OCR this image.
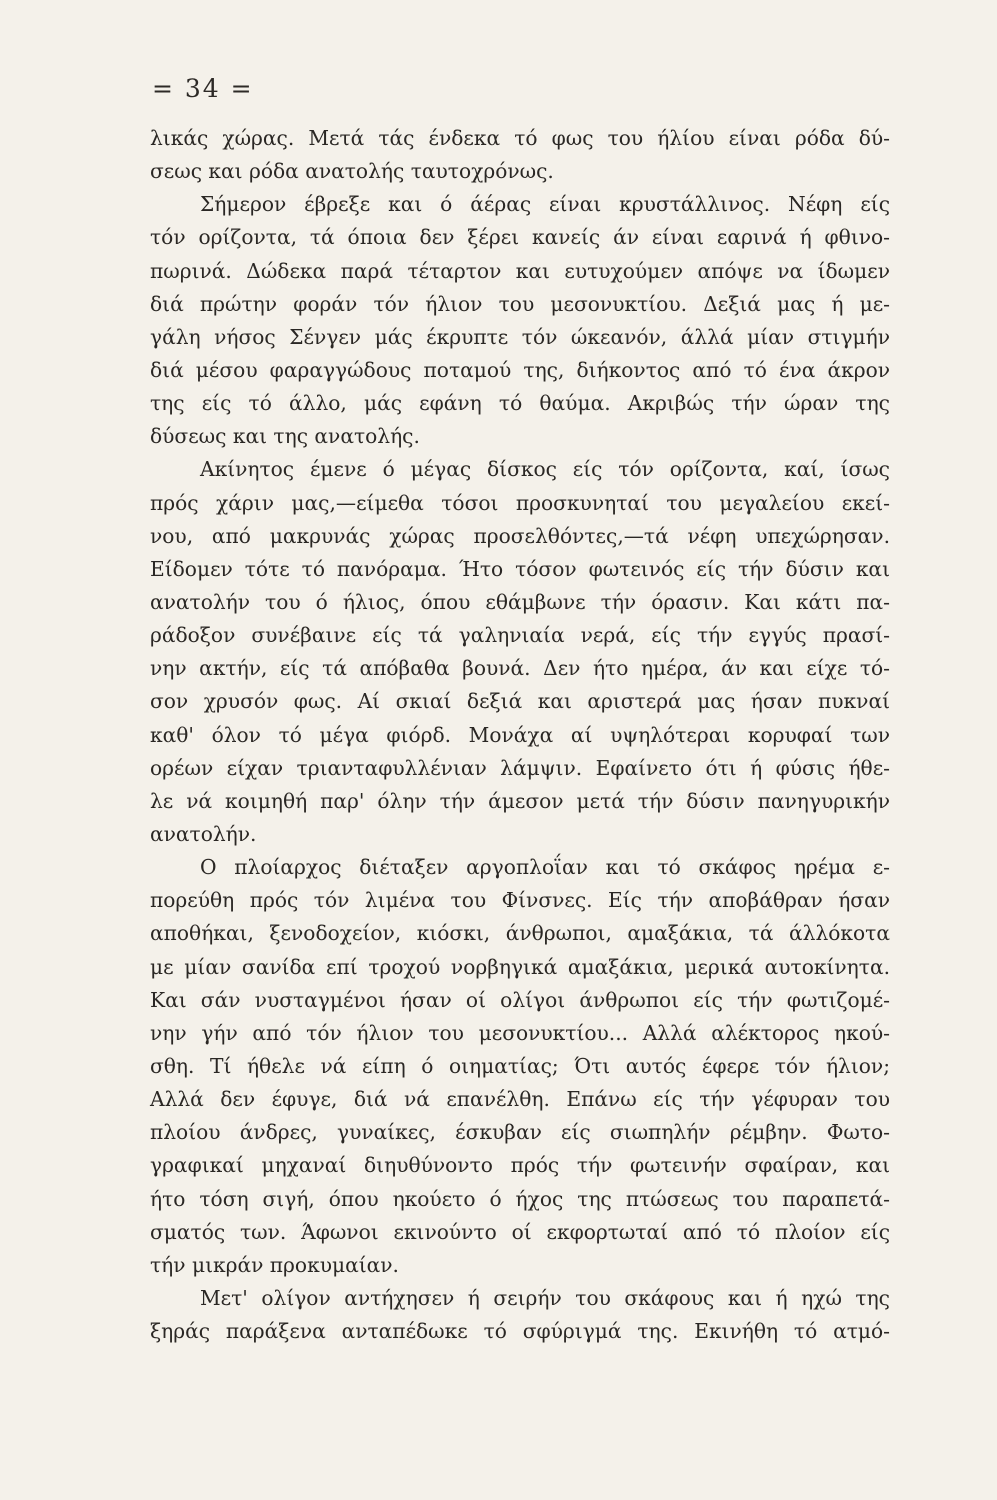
= 34 =
λικάς χώρας. Μετά τάς ένδεκα τό φως του ήλίου είναι ρόδα δύ-
σεως και ρόδα ανατολής ταυτοχρόνως.
Σήμερον έβρεξε και ό άέρας είναι κρυστάλλινος. Νέφη είς
τόν ορίζοντα, τά όποια δεν ξέρει κανείς άν είναι εαρινά ή φθινο-
πωρινά. Δώδεκα παρά τέταρτον και ευτυχούμεν απόψε να ίδωμεν
διά πρώτην φοράν τόν ήλιον του μεσονυκτίου. Δεξιά μας ή με-
γάλη νήσος Σένγεν μάς έκρυπτε τόν ώκεανόν, άλλά μίαν στιγμήν
διά μέσου φαραγγώδους ποταμού της, διήκοντος από τό ένα άκρον
της είς τό άλλο, μάς εφάνη τό θαύμα. Ακριβώς τήν ώραν της
δύσεως και της ανατολής.
Ακίνητος έμενε ό μέγας δίσκος είς τόν ορίζοντα, καί, ίσως
πρός χάριν μας,—είμεθα τόσοι προσκυνηταί του μεγαλείου εκεί-
νου, από μακρυνάς χώρας προσελθόντες,—τά νέφη υπεχώρησαν.
Είδομεν τότε τό πανόραμα. Ήτο τόσον φωτεινός είς τήν δύσιν και
ανατολήν του ό ήλιος, όπου εθάμβωνε τήν όρασιν. Και κάτι πα-
ράδοξον συνέβαινε είς τά γαληνιαία νερά, είς τήν εγγύς πρασί-
νην ακτήν, είς τά απόβαθα βουνά. Δεν ήτο ημέρα, άν και είχε τό-
σον χρυσόν φως. Αί σκιαί δεξιά και αριστερά μας ήσαν πυκναί
καθ' όλον τό μέγα φιόρδ. Μονάχα αί υψηλότεραι κορυφαί των
ορέων είχαν τριανταφυλλένιαν λάμψιν. Εφαίνετο ότι ή φύσις ήθε-
λε νά κοιμηθή παρ' όλην τήν άμεσον μετά τήν δύσιν πανηγυρικήν
ανατολήν.
Ο πλοίαρχος διέταξεν αργοπλοΐαν και τό σκάφος ηρέμα ε-
πορεύθη πρός τόν λιμένα του Φίνσνες. Είς τήν αποβάθραν ήσαν
αποθήκαι, ξενοδοχείον, κιόσκι, άνθρωποι, αμαξάκια, τά άλλόκοτα
με μίαν σανίδα επί τροχού νορβηγικά αμαξάκια, μερικά αυτοκίνητα.
Και σάν νυσταγμένοι ήσαν οί ολίγοι άνθρωποι είς τήν φωτιζομέ-
νην γήν από τόν ήλιον του μεσονυκτίου... Αλλά αλέκτορος ηκού-
σθη. Τί ήθελε νά είπη ό οιηματίας; Ότι αυτός έφερε τόν ήλιον;
Αλλά δεν έφυγε, διά νά επανέλθη. Επάνω είς τήν γέφυραν του
πλοίου άνδρες, γυναίκες, έσκυβαν είς σιωπηλήν ρέμβην. Φωτο-
γραφικαί μηχαναί διηυθύνοντο πρός τήν φωτεινήν σφαίραν, και
ήτο τόση σιγή, όπου ηκούετο ό ήχος της πτώσεως του παραπετά-
σματός των. Άφωνοι εκινούντο οί εκφορτωταί από τό πλοίον είς
τήν μικράν προκυμαίαν.
Μετ' ολίγον αντήχησεν ή σειρήν του σκάφους και ή ηχώ της
ξηράς παράξενα ανταπέδωκε τό σφύριγμά της. Εκινήθη τό ατμό-
